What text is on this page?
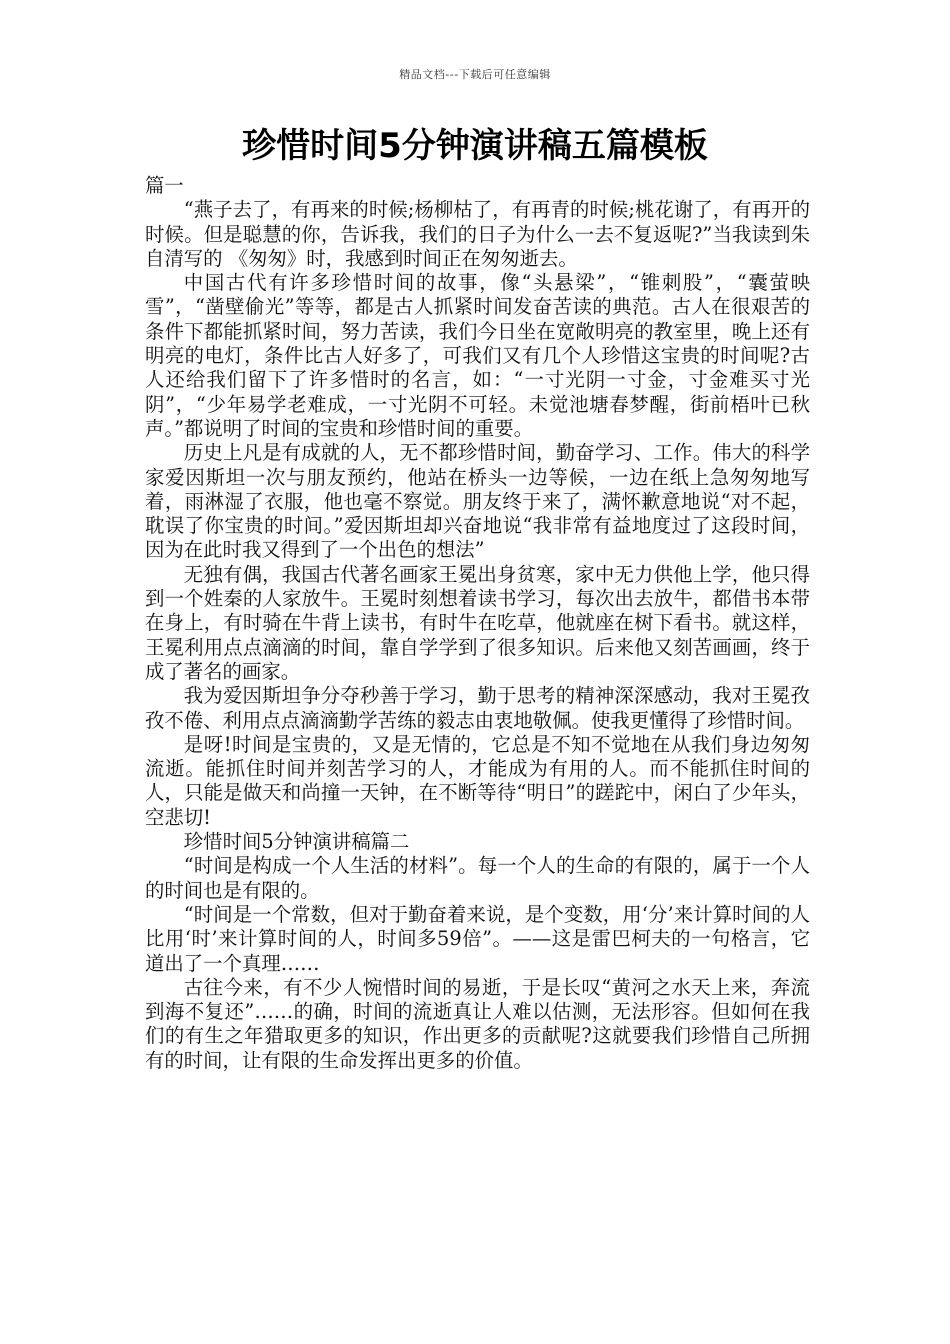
精品文档---下载后可任意编辑
珍惜时间5分钟演讲稿五篇模板

篇一

“燕子去了，有再来的时候;杨柳枯了，有再青的时候;桃花谢了，有再开的时候。但是聪慧的你，告诉我，我们的日子为什么一去不复返呢?”当我读到朱自清写的 《匆匆》时，我感到时间正在匆匆逝去。

中国古代有许多珍惜时间的故事，像“头悬梁”，“锥刺股”，“囊萤映雪”，“凿壁偷光”等等，都是古人抓紧时间发奋苦读的典范。古人在很艰苦的条件下都能抓紧时间，努力苦读，我们今日坐在宽敞明亮的教室里，晚上还有明亮的电灯，条件比古人好多了，可我们又有几个人珍惜这宝贵的时间呢?古人还给我们留下了许多惜时的名言，如：“一寸光阴一寸金，寸金难买寸光阴”，“少年易学老难成，一寸光阴不可轻。未觉池塘春梦醒，街前梧叶已秋声。”都说明了时间的宝贵和珍惜时间的重要。

历史上凡是有成就的人，无不都珍惜时间，勤奋学习、工作。伟大的科学家爱因斯坦一次与朋友预约，他站在桥头一边等候，一边在纸上急匆匆地写着，雨淋湿了衣服，他也毫不察觉。朋友终于来了，满怀歉意地说“对不起，耽误了你宝贵的时间。”爱因斯坦却兴奋地说“我非常有益地度过了这段时间，因为在此时我又得到了一个出色的想法”

无独有偶，我国古代著名画家王冕出身贫寒，家中无力供他上学，他只得到一个姓秦的人家放牛。王冕时刻想着读书学习，每次出去放牛，都借书本带在身上，有时骑在牛背上读书，有时牛在吃草，他就座在树下看书。就这样，王冕利用点点滴滴的时间，靠自学学到了很多知识。后来他又刻苦画画，终于成了著名的画家。

我为爱因斯坦争分夺秒善于学习，勤于思考的精神深深感动，我对王冕孜孜不倦、利用点点滴滴勤学苦练的毅志由衷地敬佩。使我更懂得了珍惜时间。

是呀!时间是宝贵的，又是无情的，它总是不知不觉地在从我们身边匆匆流逝。能抓住时间并刻苦学习的人，才能成为有用的人。而不能抓住时间的人，只能是做天和尚撞一天钟，在不断等待“明日”的蹉跎中，闲白了少年头，空悲切!

珍惜时间5分钟演讲稿篇二

“时间是构成一个人生活的材料”。每一个人的生命的有限的，属于一个人的时间也是有限的。

“时间是一个常数，但对于勤奋着来说，是个变数，用‘分’来计算时间的人比用‘时’来计算时间的人，时间多59倍”。——这是雷巴柯夫的一句格言，它道出了一个真理……

古往今来，有不少人惋惜时间的易逝，于是长叹“黄河之水天上来，奔流到海不复还”……的确，时间的流逝真让人难以估测，无法形容。但如何在我们的有生之年猎取更多的知识，作出更多的贡献呢?这就要我们珍惜自己所拥有的时间，让有限的生命发挥出更多的价值。
